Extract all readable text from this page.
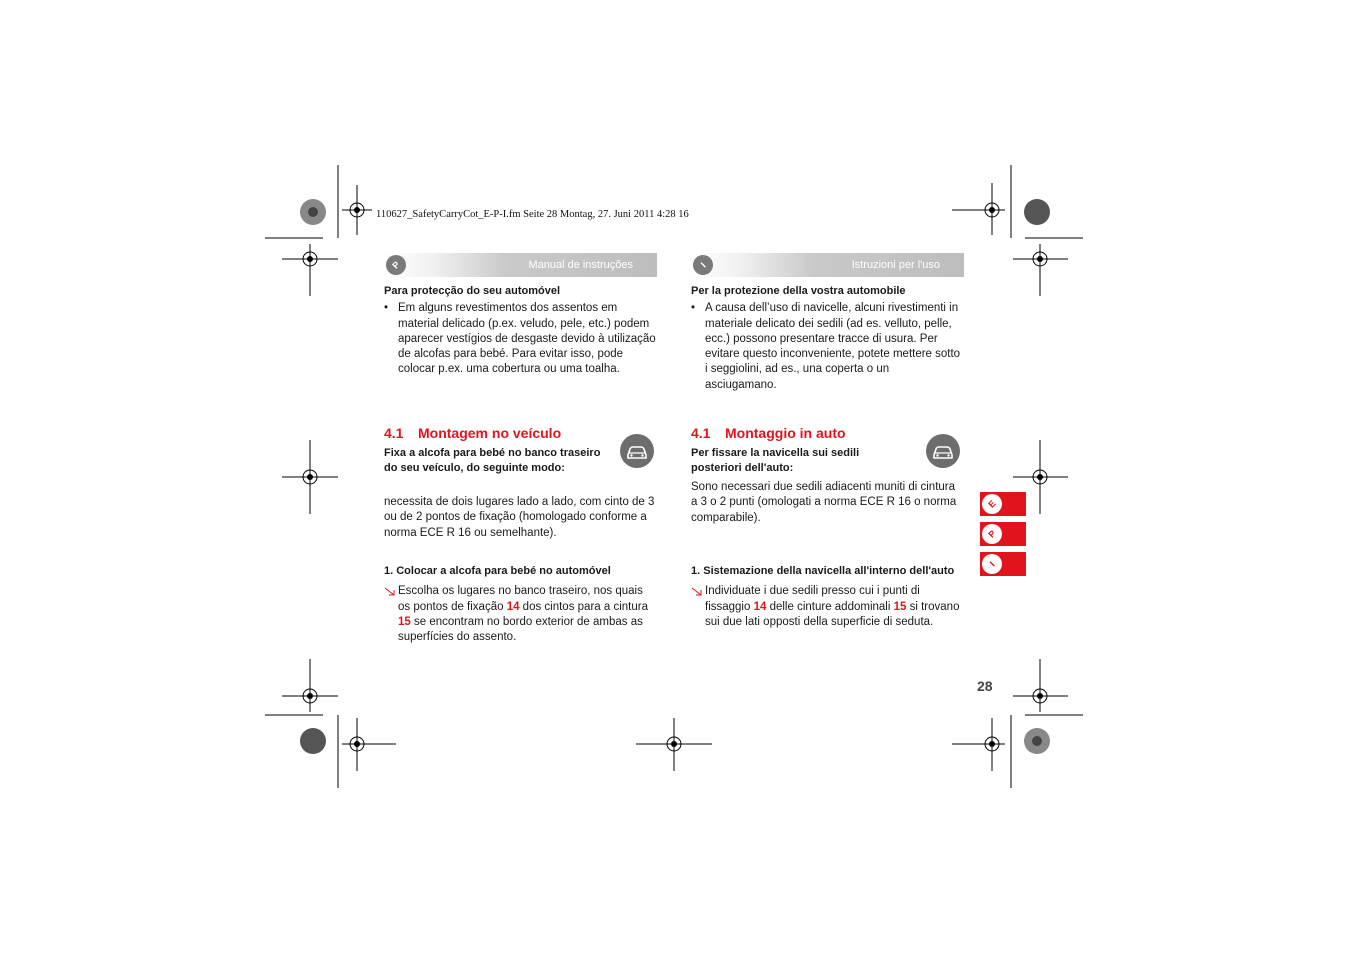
110627_SafetyCarryCot_E-P-I.fm Seite 28 Montag, 27. Juni 2011 4:28 16
P	Manual de instruções
Para protecção do seu automóvel
• Em alguns revestimentos dos assentos em material delicado (p.ex. veludo, pele, etc.) podem aparecer vestígios de desgaste devido à utilização de alcofas para bebé. Para evitar isso, pode colocar p.ex. uma cobertura ou uma toalha.
4.1 Montagem no veículo
Fixa a alcofa para bebé no banco traseiro do seu veículo, do seguinte modo:
necessita de dois lugares lado a lado, com cinto de 3 ou de 2 pontos de fixação (homologado conforme a norma ECE R 16 ou semelhante).
1. Colocar a alcofa para bebé no automóvel
Escolha os lugares no banco traseiro, nos quais os pontos de fixação 14 dos cintos para a cintura 15 se encontram no bordo exterior de ambas as superfícies do assento.
I	Istruzioni per l'uso
Per la protezione della vostra automobile
• A causa dell’uso di navicelle, alcuni rivestimenti in materiale delicato dei sedili (ad es. velluto, pelle, ecc.) possono presentare tracce di usura. Per evitare questo inconveniente, potete mettere sotto i seggiolini, ad es., una coperta o un asciugamano.
4.1 Montaggio in auto
Per fissare la navicella sui sedili posteriori dell'auto:
Sono necessari due sedili adiacenti muniti di cintura a 3 o 2 punti (omologati a norma ECE R 16 o norma comparabile).
1. Sistemazione della navicella all'interno dell'auto
Individuate i due sedili presso cui i punti di fissaggio 14 delle cinture addominali 15 si trovano sui due lati opposti della superficie di seduta.
E
P
I
28
